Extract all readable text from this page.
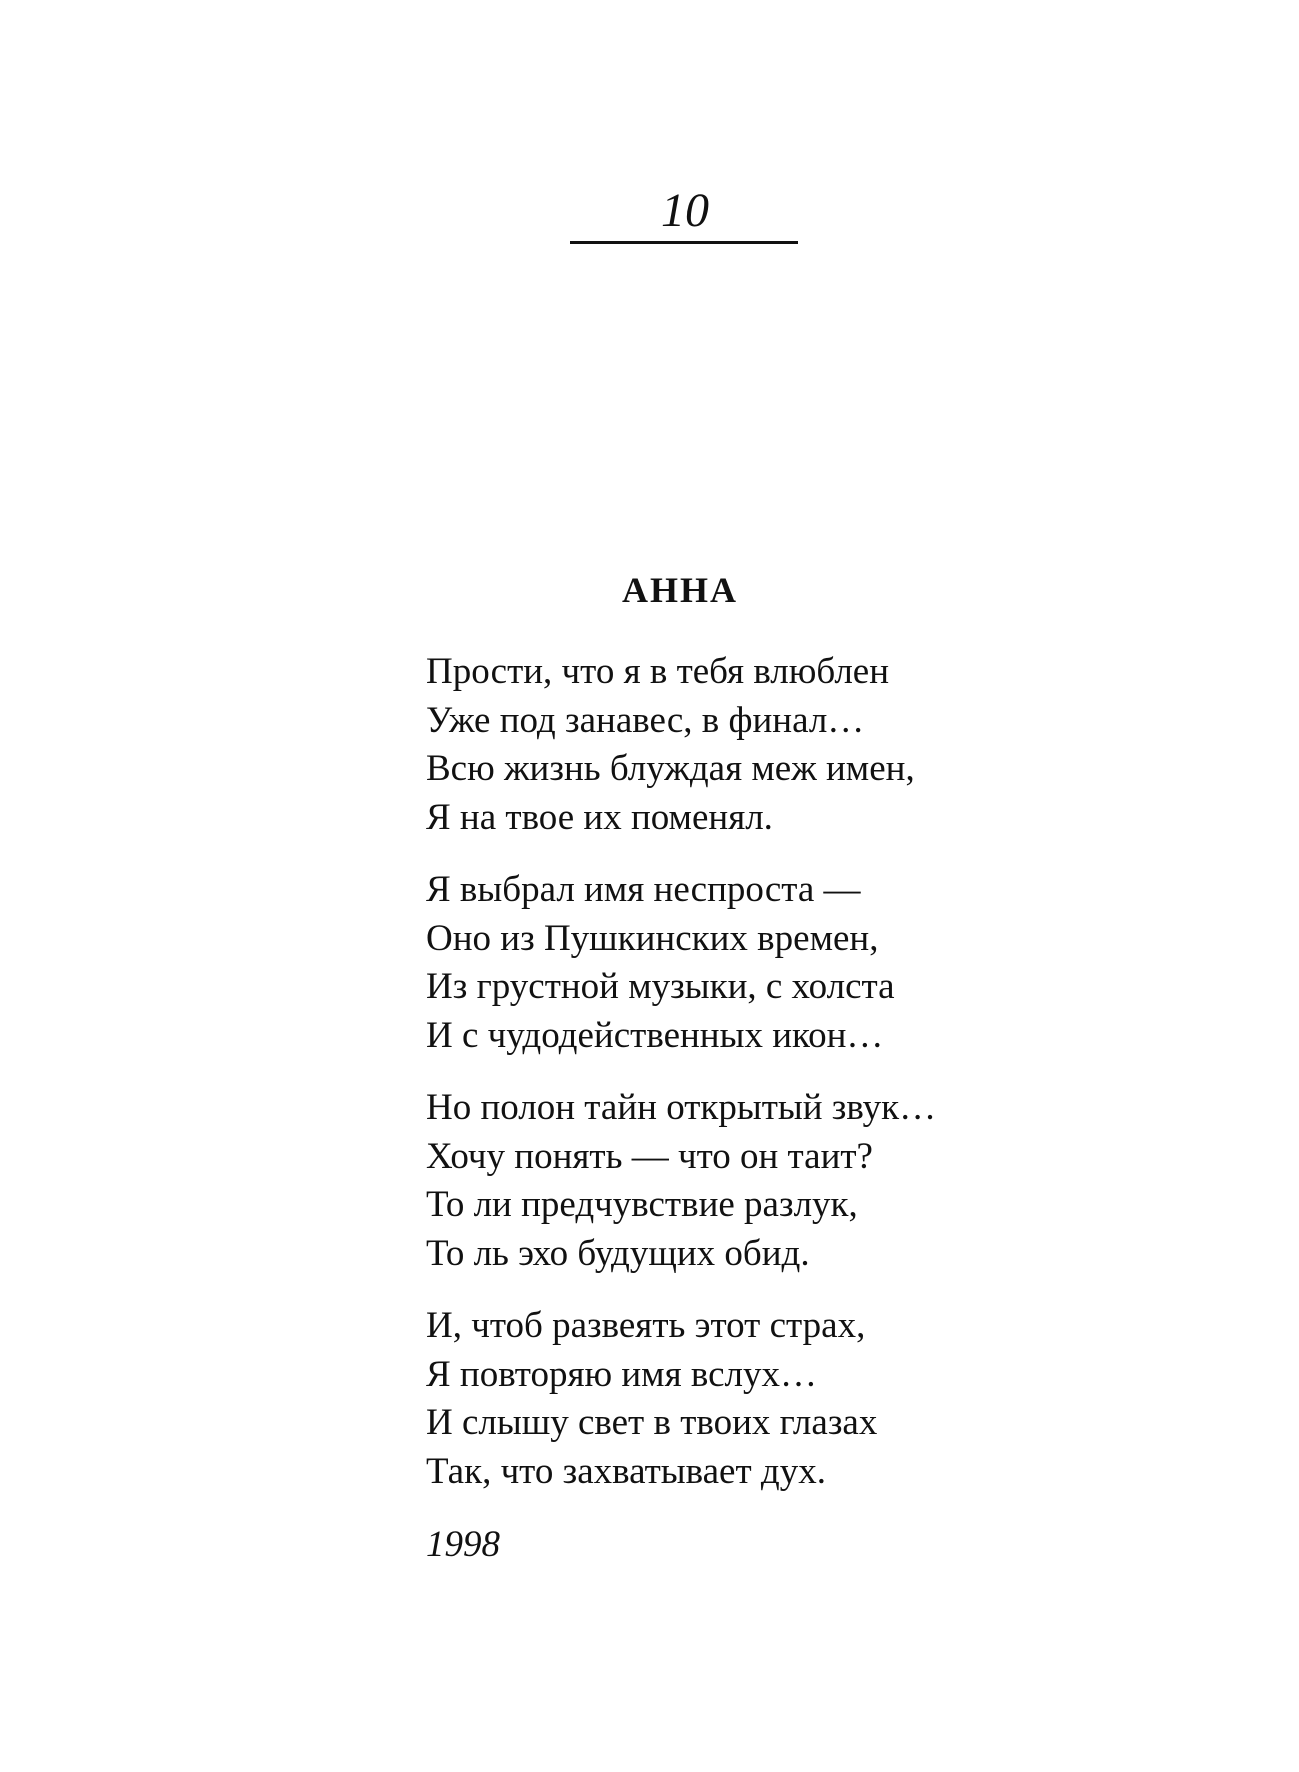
10
АННА
Прости, что я в тебя влюблен
Уже под занавес, в финал…
Всю жизнь блуждая меж имен,
Я на твое их поменял.
Я выбрал имя неспроста —
Оно из Пушкинских времен,
Из грустной музыки, с холста
И с чудодейственных икон…
Но полон тайн открытый звук…
Хочу понять — что он таит?
То ли предчувствие разлук,
То ль эхо будущих обид.
И, чтоб развеять этот страх,
Я повторяю имя вслух…
И слышу свет в твоих глазах
Так, что захватывает дух.
1998
